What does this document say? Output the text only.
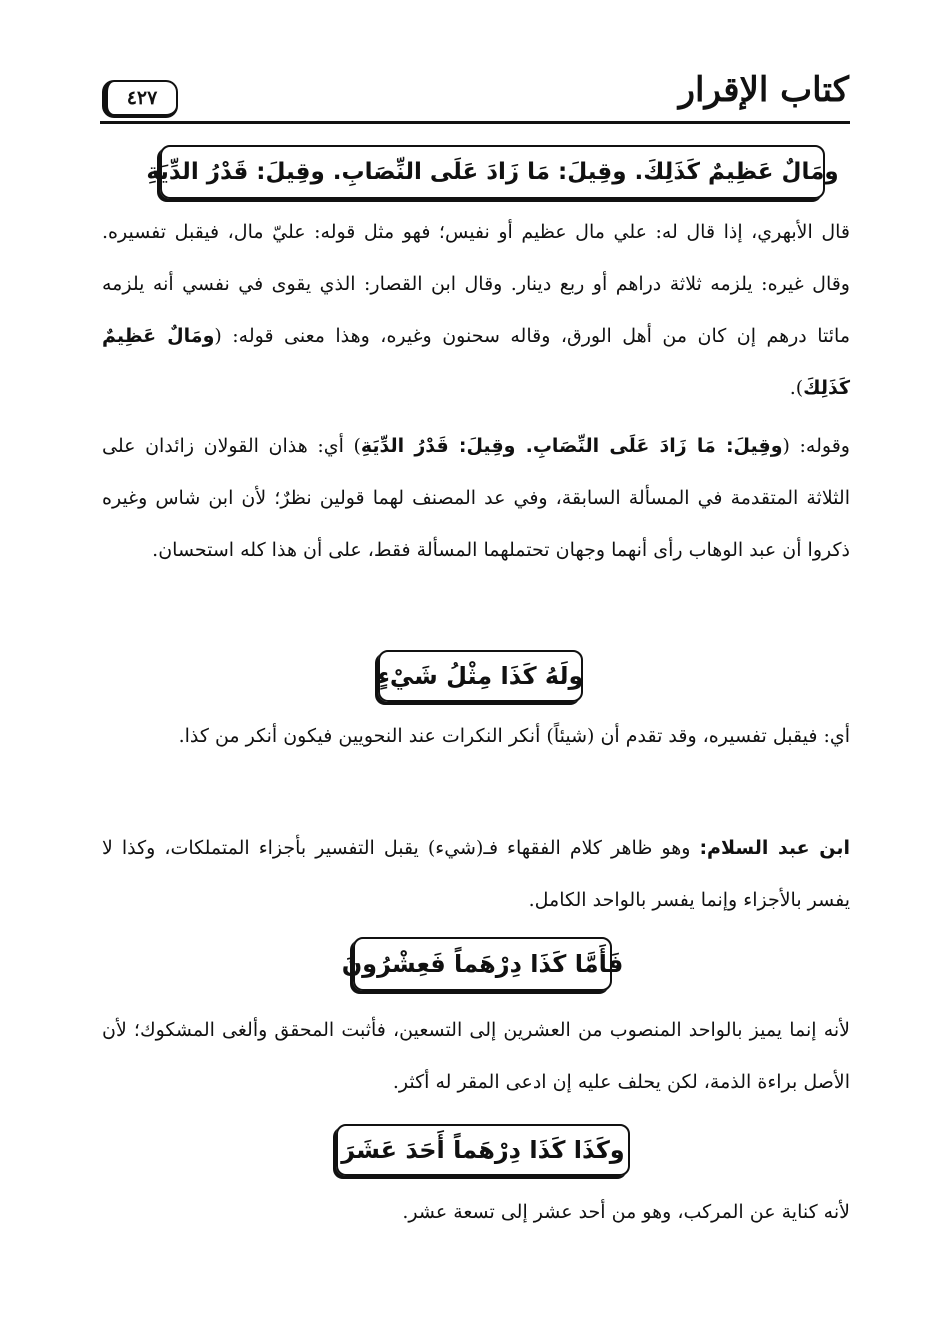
كتاب الإقرار
٤٢٧
ومَالٌ عَظِيمٌ كَذَلِكَ. وقِيلَ: مَا زَادَ عَلَى النِّصَابِ. وقِيلَ: قَدْرُ الدِّيَةِ

قال الأبهري، إذا قال له: علي مال عظيم أو نفيس؛ فهو مثل قوله: عليّ مال، فيقبل تفسيره. وقال غيره: يلزمه ثلاثة دراهم أو ربع دينار. وقال ابن القصار: الذي يقوى في نفسي أنه يلزمه مائتا درهم إن كان من أهل الورق، وقاله سحنون وغيره، وهذا معنى قوله: (ومَالٌ عَظِيمٌ كَذَلِكَ).

وقوله: (وقِيلَ: مَا زَادَ عَلَى النِّصَابِ. وقِيلَ: قَدْرُ الدِّيَةِ) أي: هذان القولان زائدان على الثلاثة المتقدمة في المسألة السابقة، وفي عد المصنف لهما قولين نظرٌ؛ لأن ابن شاس وغيره ذكروا أن عبد الوهاب رأى أنهما وجهان تحتملهما المسألة فقط، على أن هذا كله استحسان.

ولَهُ كَذَا مِثْلُ شَيْءٍ

أي: فيقبل تفسيره، وقد تقدم أن (شيئاً) أنكر النكرات عند النحويين فيكون أنكر من كذا.

ابن عبد السلام: وهو ظاهر كلام الفقهاء فـ(شيء) يقبل التفسير بأجزاء المتملكات، وكذا لا يفسر بالأجزاء وإنما يفسر بالواحد الكامل.

فَأَمَّا كَذَا دِرْهَماً فَعِشْرُونَ

لأنه إنما يميز بالواحد المنصوب من العشرين إلى التسعين، فأثبت المحقق وألغى المشكوك؛ لأن الأصل براءة الذمة، لكن يحلف عليه إن ادعى المقر له أكثر.

وكَذَا كَذَا دِرْهَماً أَحَدَ عَشَرَ

لأنه كناية عن المركب، وهو من أحد عشر إلى تسعة عشر.
